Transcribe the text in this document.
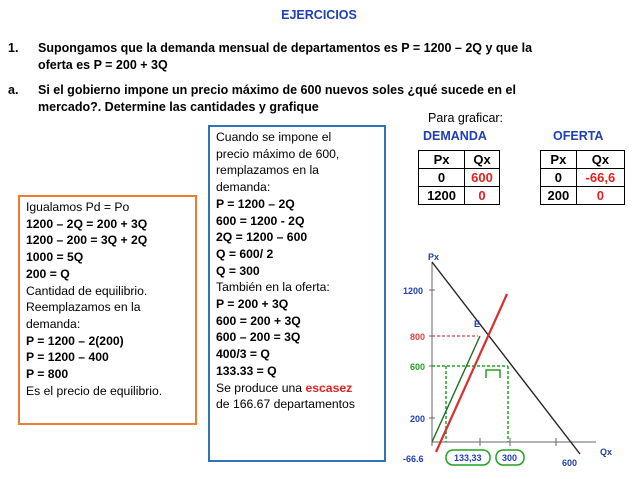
EJERCICIOS
1. Supongamos que la demanda mensual de departamentos es P = 1200 – 2Q y que la
oferta es P = 200 + 3Q
a. Si el gobierno impone un precio máximo de 600 nuevos soles ¿qué sucede en el
mercado?. Determine las cantidades y grafique
Igualamos Pd = Po
1200 – 2Q = 200 + 3Q
1200 – 200 = 3Q + 2Q
1000 = 5Q
200 = Q
Cantidad de equilibrio.
Reemplazamos en la
demanda:
P = 1200 – 2(200)
P = 1200 – 400
P = 800
Es el precio de equilibrio.
Cuando se impone el
precio máximo de 600,
remplazamos en la
demanda:
P = 1200 – 2Q
600 = 1200 - 2Q
2Q = 1200 – 600
Q = 600/ 2
Q = 300
También en la oferta:
P = 200 + 3Q
600 = 200 + 3Q
600 – 200 = 3Q
400/3 = Q
133.33 = Q
Se produce una escasez
de 166.67 departamentos
Para graficar:
DEMANDA	OFERTA
Px	Qx
0	600
1200	0
Px	Qx
0	-66,6
200	0
Px
Qx
E
1200
800
600
200
-66.6	133,33 300	600
